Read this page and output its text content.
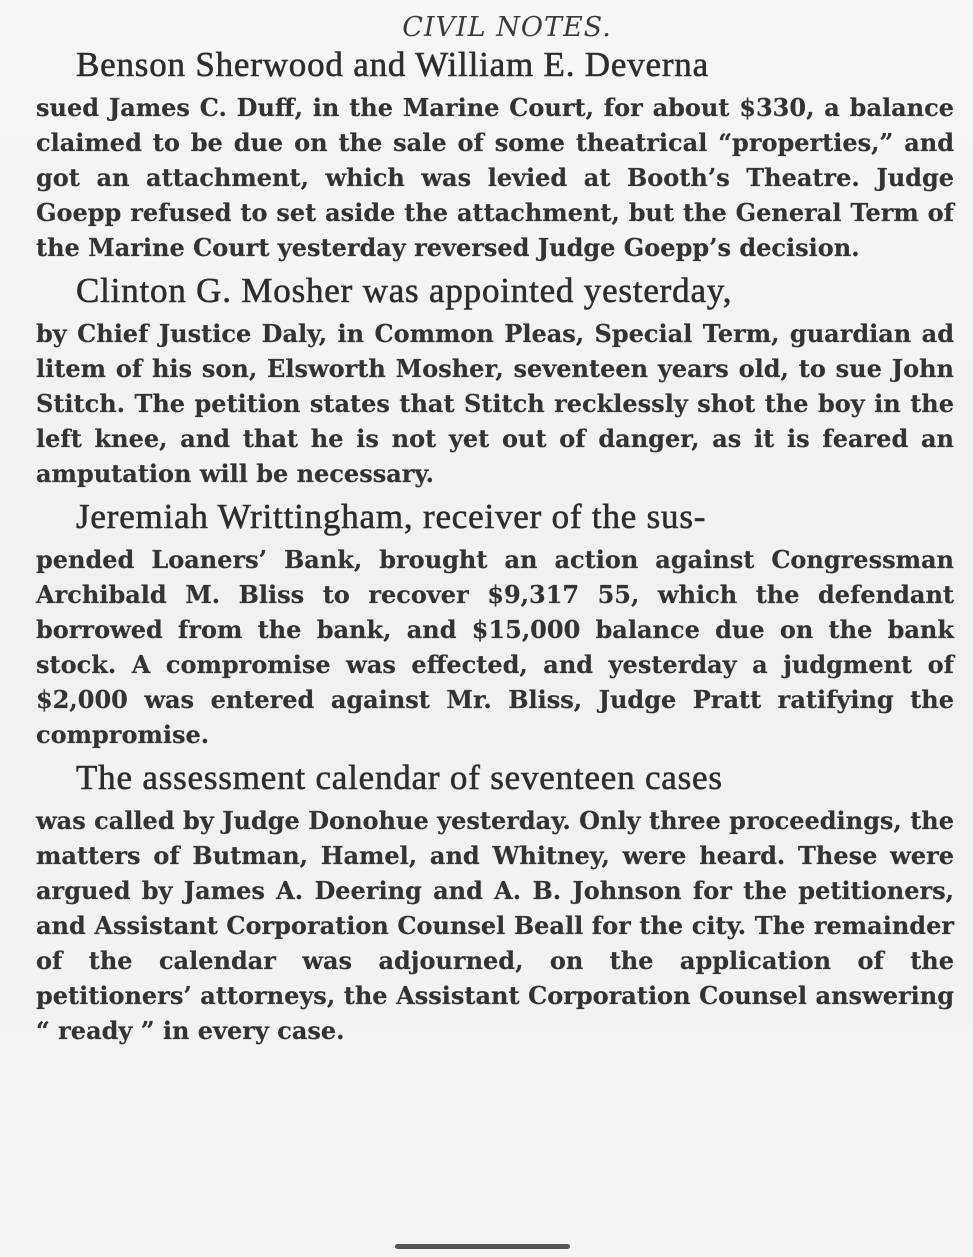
CIVIL NOTES.
Benson Sherwood and William E. Deverna
sued James C. Duff, in the Marine Court, for about $330, a balance claimed to be due on the sale of some theatrical “properties,” and got an attachment, which was levied at Booth’s Theatre. Judge Goepp refused to set aside the attachment, but the General Term of the Marine Court yesterday reversed Judge Goepp’s decision.
Clinton G. Mosher was appointed yesterday,
by Chief Justice Daly, in Common Pleas, Special Term, guardian ad litem of his son, Elsworth Mosher, seventeen years old, to sue John Stitch. The petition states that Stitch recklessly shot the boy in the left knee, and that he is not yet out of danger, as it is feared an amputation will be necessary.
Jeremiah Writtingham, receiver of the sus-
pended Loaners’ Bank, brought an action against Congressman Archibald M. Bliss to recover $9,317 55, which the defendant borrowed from the bank, and $15,000 balance due on the bank stock. A compromise was effected, and yesterday a judgment of $2,000 was entered against Mr. Bliss, Judge Pratt ratifying the compromise.
The assessment calendar of seventeen cases
was called by Judge Donohue yesterday. Only three proceedings, the matters of Butman, Hamel, and Whitney, were heard. These were argued by James A. Deering and A. B. Johnson for the petitioners, and Assistant Corporation Counsel Beall for the city. The remainder of the calendar was adjourned, on the application of the petitioners’ attorneys, the Assistant Corporation Counsel answering “ ready ” in every case.
